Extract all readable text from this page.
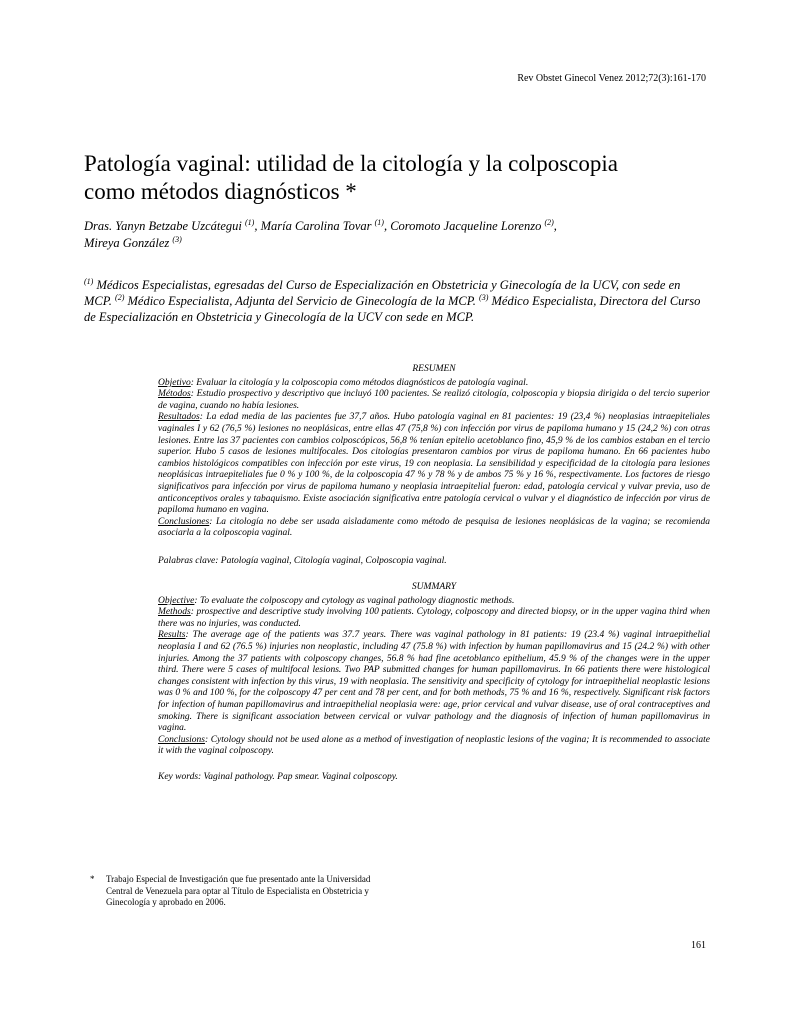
Rev Obstet Ginecol Venez 2012;72(3):161-170
Patología vaginal: utilidad de la citología y la colposcopia
como métodos diagnósticos *
Dras. Yanyn Betzabe Uzcátegui $^{(1)}$, María Carolina Tovar $^{(1)}$, Coromoto Jacqueline Lorenzo $^{(2)}$,
Mireya González $^{(3)}$
$^{(1)}$ Médicos Especialistas, egresadas del Curso de Especialización en Obstetricia y Ginecología de la UCV, con sede en MCP. $^{(2)}$ Médico Especialista, Adjunta del Servicio de Ginecología de la MCP. $^{(3)}$ Médico Especialista, Directora del Curso de Especialización en Obstetricia y Ginecología de la UCV con sede en MCP.
RESUMEN

Objetivo: Evaluar la citología y la colposcopia como métodos diagnósticos de patología vaginal.

Métodos: Estudio prospectivo y descriptivo que incluyó 100 pacientes. Se realizó citología, colposcopia y biopsia dirigida o del tercio superior de vagina, cuando no había lesiones.

Resultados: La edad media de las pacientes fue 37,7 años. Hubo patología vaginal en 81 pacientes: 19 (23,4 %) neoplasias intraepiteliales vaginales I y 62 (76,5 %) lesiones no neoplásicas, entre ellas 47 (75,8 %) con infección por virus de papiloma humano y 15 (24,2 %) con otras lesiones. Entre las 37 pacientes con cambios colposcópicos, 56,8 % tenían epitelio acetoblanco fino, 45,9 % de los cambios estaban en el tercio superior. Hubo 5 casos de lesiones multifocales. Dos citologías presentaron cambios por virus de papiloma humano. En 66 pacientes hubo cambios histológicos compatibles con infección por este virus, 19 con neoplasia. La sensibilidad y especificidad de la citología para lesiones neoplásicas intraepiteliales fue 0 % y 100 %, de la colposcopia 47 % y 78 % y de ambos 75 % y 16 %, respectivamente. Los factores de riesgo significativos para infección por virus de papiloma humano y neoplasia intraepitelial fueron: edad, patología cervical y vulvar previa, uso de anticonceptivos orales y tabaquismo. Existe asociación significativa entre patología cervical o vulvar y el diagnóstico de infección por virus de papiloma humano en vagina.

Conclusiones: La citología no debe ser usada aisladamente como método de pesquisa de lesiones neoplásicas de la vagina; se recomienda asociarla a la colposcopia vaginal.

Palabras clave: Patología vaginal, Citología vaginal, Colposcopia vaginal.
SUMMARY

Objective: To evaluate the colposcopy and cytology as vaginal pathology diagnostic methods.

Methods: prospective and descriptive study involving 100 patients. Cytology, colposcopy and directed biopsy, or in the upper vagina third when there was no injuries, was conducted.

Results: The average age of the patients was 37.7 years. There was vaginal pathology in 81 patients: 19 (23.4 %) vaginal intraepithelial neoplasia I and 62 (76.5 %) injuries non neoplastic, including 47 (75.8 %) with infection by human papillomavirus and 15 (24.2 %) with other injuries. Among the 37 patients with colposcopy changes, 56.8 % had fine acetoblanco epithelium, 45.9 % of the changes were in the upper third. There were 5 cases of multifocal lesions. Two PAP submitted changes for human papillomavirus. In 66 patients there were histological changes consistent with infection by this virus, 19 with neoplasia. The sensitivity and specificity of cytology for intraepithelial neoplastic lesions was 0 % and 100 %, for the colposcopy 47 per cent and 78 per cent, and for both methods, 75 % and 16 %, respectively. Significant risk factors for infection of human papillomavirus and intraepithelial neoplasia were: age, prior cervical and vulvar disease, use of oral contraceptives and smoking. There is significant association between cervical or vulvar pathology and the diagnosis of infection of human papillomavirus in vagina.

Conclusions: Cytology should not be used alone as a method of investigation of neoplastic lesions of the vagina; It is recommended to associate it with the vaginal colposcopy.

Key words: Vaginal pathology. Pap smear. Vaginal colposcopy.
* Trabajo Especial de Investigación que fue presentado ante la Universidad Central de Venezuela para optar al Título de Especialista en Obstetricia y Ginecología y aprobado en 2006.
161
